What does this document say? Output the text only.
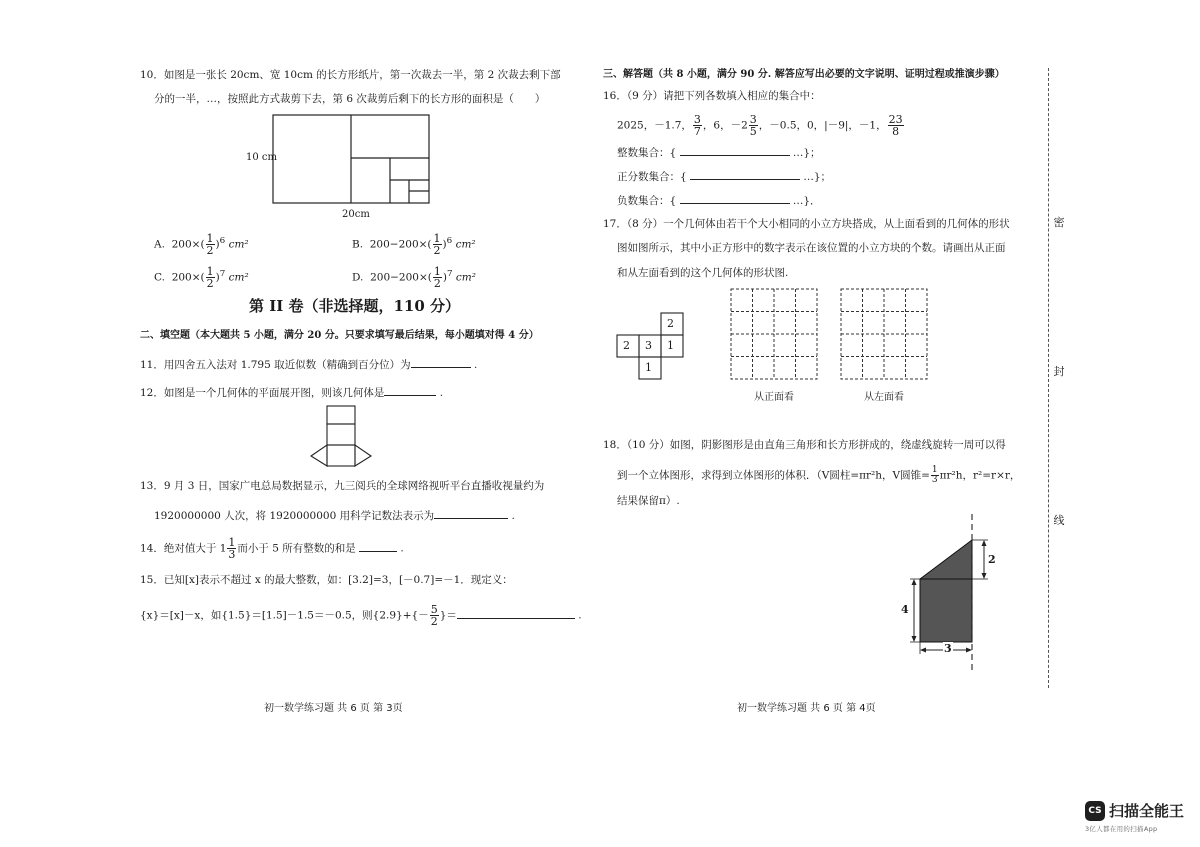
10．如图是一张长 20cm、宽 10cm 的长方形纸片，第一次裁去一半，第 2 次裁去剩下部
分的一半，…，按照此方式裁剪下去，第 6 次裁剪后剩下的长方形的面积是（　　）
10 cm
20cm
A. $200\times( \frac{1}{2} )^6$ cm²	B. $200-200\times( \frac{1}{2} )^6$ cm²
C. $200\times( \frac{1}{2} )^7$ cm²	D. $200-200\times( \frac{1}{2} )^7$ cm²
第 II 卷（非选择题，110 分）
二、填空题（本大题共 5 小题，满分 20 分。只要求填写最后结果，每小题填对得 4 分）
11．用四舍五入法对 1.795 取近似数（精确到百分位）为	.
12．如图是一个几何体的平面展开图，则该几何体是	.
13．9 月 3 日，国家广电总局数据显示，九三阅兵的全球网络视听平台直播收视量约为
1920000000 人次，将 1920000000 用科学记数法表示为	.
14．绝对值大于 $1 \frac{1}{3}$ 而小于 5 所有整数的和是	.
15．已知[x]表示不超过 x 的最大整数，如：[3.2]=3，[－0.7]=－1．现定义：
{x}＝[x]－x，如{1.5}＝[1.5]－1.5＝－0.5，则$\{2.9\}+\{- \frac{5}{2}$ }＝	.
初一数学练习题 共 6 页 第 3页
三、解答题（共 8 小题，满分 90 分. 解答应写出必要的文字说明、证明过程或推演步骤）
16．（9 分）请把下列各数填入相应的集合中：
2025，－1.7， $\frac{3}{7}$ ，6，$-2 \frac{3}{5}$ ，－0.5，0，|－9|，－1， $\frac{23}{8}$
整数集合：{	…}；
正分数集合：{	…}；
负数集合：{	…}．
17．（8 分）一个几何体由若干个大小相同的小立方块搭成，从上面看到的几何体的形状
图如图所示，其中小正方形中的数字表示在该位置的小立方块的个数。请画出从正面
和从左面看到的这个几何体的形状图.
2
2 3 1
1
从正面看	从左面看
18．（10 分）如图，阴影图形是由直角三角形和长方形拼成的，绕虚线旋转一周可以得
到一个立体图形，求得到立体图形的体积．（V圆柱=πr²h，V圆锥= $\frac{1}{3} \pi r^2h$，r²=r×r，
结果保留π）.
2
4
3
初一数学练习题 共 6 页 第 4页
密
封
线
CS 扫描全能王
3亿人都在用的扫描App
